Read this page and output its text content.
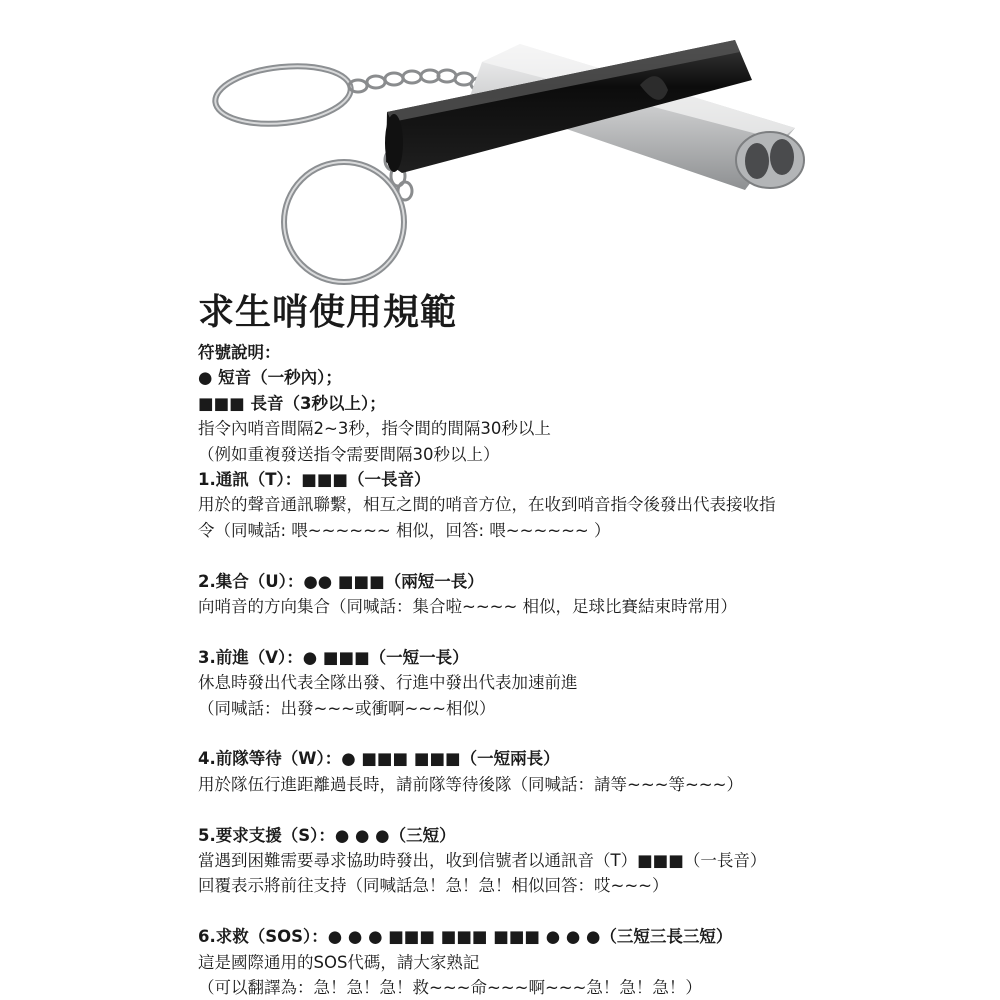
求生哨使用規範
符號說明：
● 短音（一秒內）；
■■■ 長音（3秒以上）；
指令內哨音間隔2~3秒，指令間的間隔30秒以上
（例如重複發送指令需要間隔30秒以上）
1.通訊（T）：■■■（一長音）
用於的聲音通訊聯繫，相互之間的哨音方位，在收到哨音指令後發出代表接收指
令（同喊話: 喂~~~~~~ 相似，回答: 喂~~~~~~ ）
2.集合（U）：●● ■■■（兩短一長）
向哨音的方向集合（同喊話：集合啦~~~~ 相似，足球比賽結束時常用）
3.前進（V）：● ■■■（一短一長）
休息時發出代表全隊出發、行進中發出代表加速前進
（同喊話：出發~~~或衝啊~~~相似）
4.前隊等待（W）：● ■■■ ■■■（一短兩長）
用於隊伍行進距離過長時，請前隊等待後隊（同喊話：請等~~~等~~~）
5.要求支援（S）：● ● ●（三短）
當遇到困難需要尋求協助時發出，收到信號者以通訊音（T）■■■（一長音）
回覆表示將前往支持（同喊話急！急！急！相似回答：哎~~~）
6.求救（SOS）：● ● ● ■■■ ■■■ ■■■ ● ● ●（三短三長三短）
這是國際通用的SOS代碼，請大家熟記
（可以翻譯為：急！急！急！救~~~命~~~啊~~~急！急！急！）
